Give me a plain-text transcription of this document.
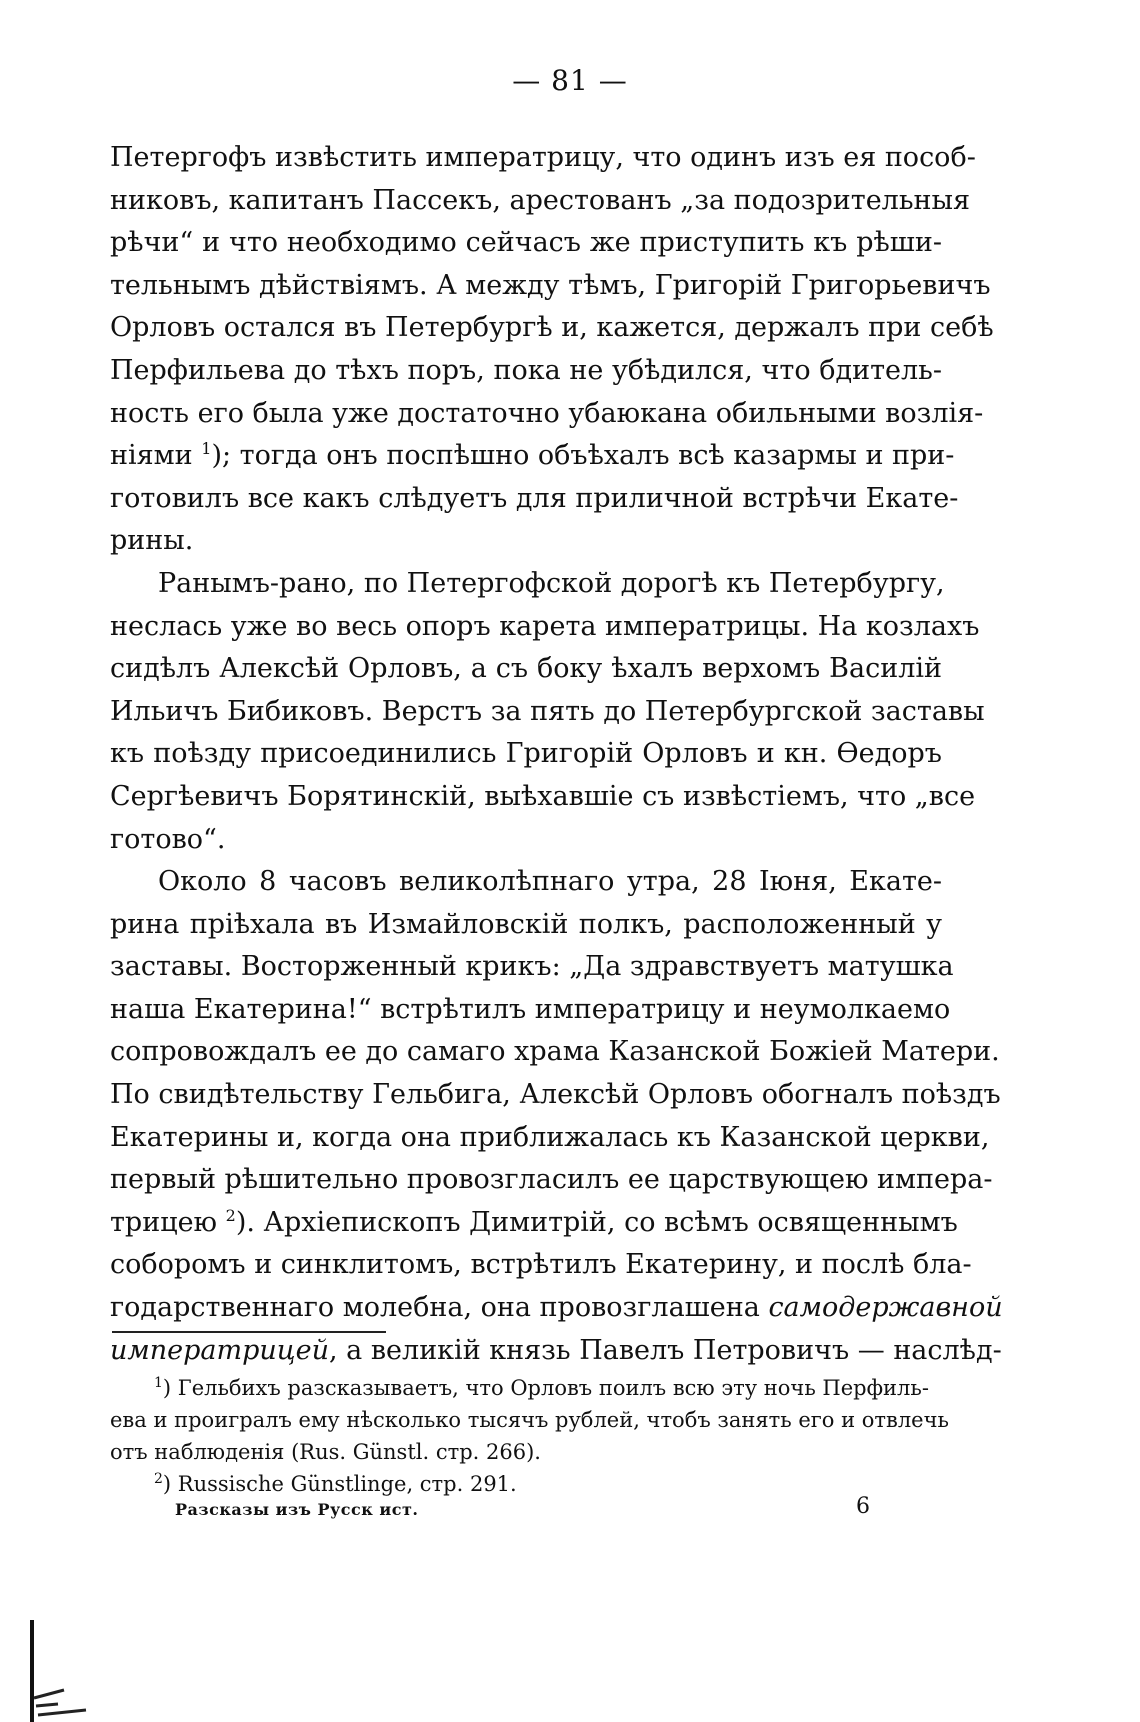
— 81 —
Петергофъ извѣстить императрицу, что одинъ изъ ея пособ-
никовъ, капитанъ Пассекъ, арестованъ „за подозрительныя
рѣчи“ и что необходимо сейчасъ же приступить къ рѣши-
тельнымъ дѣйствіямъ. А между тѣмъ, Григорій Григорьевичъ
Орловъ остался въ Петербургѣ и, кажется, держалъ при себѣ
Перфильева до тѣхъ поръ, пока не убѣдился, что бдитель-
ность его была уже достаточно убаюкана обильными возлія-
ніями $^1$); тогда онъ поспѣшно объѣхалъ всѣ казармы и при-
готовилъ все какъ слѣдуетъ для приличной встрѣчи Екате-
рины.
Ранымъ-рано, по Петергофской дорогѣ къ Петербургу,
неслась уже во весь опоръ карета императрицы. На козлахъ
сидѣлъ Алексѣй Орловъ, а съ боку ѣхалъ верхомъ Василій
Ильичъ Бибиковъ. Верстъ за пять до Петербургской заставы
къ поѣзду присоединились Григорій Орловъ и кн. Ѳедоръ
Сергѣевичъ Борятинскій, выѣхавшіе съ извѣстіемъ, что „все
готово“.
Около 8 часовъ великолѣпнаго утра, 28 Іюня, Екате-
рина пріѣхала въ Измайловскій полкъ, расположенный у
заставы. Восторженный крикъ: „Да здравствуетъ матушка
наша Екатерина!“ встрѣтилъ императрицу и неумолкаемо
сопровождалъ ее до самаго храма Казанской Божіей Матери.
По свидѣтельству Гельбига, Алексѣй Орловъ обогналъ поѣздъ
Екатерины и, когда она приближалась къ Казанской церкви,
первый рѣшительно провозгласилъ ее царствующею импера-
трицею $^2$). Архіепископъ Димитрій, со всѣмъ освященнымъ
соборомъ и синклитомъ, встрѣтилъ Екатерину, и послѣ бла-
годарственнаго молебна, она провозглашена самодержавной
императрицей, а великій князь Павелъ Петровичъ — наслѣд-
$^1$) Гельбихъ разсказываетъ, что Орловъ поилъ всю эту ночь Перфиль-
ева и проигралъ ему нѣсколько тысячъ рублей, чтобъ занять его и отвлечь
отъ наблюденія (Rus. Günstl. стр. 266).
$^2$) Russische Günstlinge, стр. 291.
Разсказы изъ Русск ист.	6
